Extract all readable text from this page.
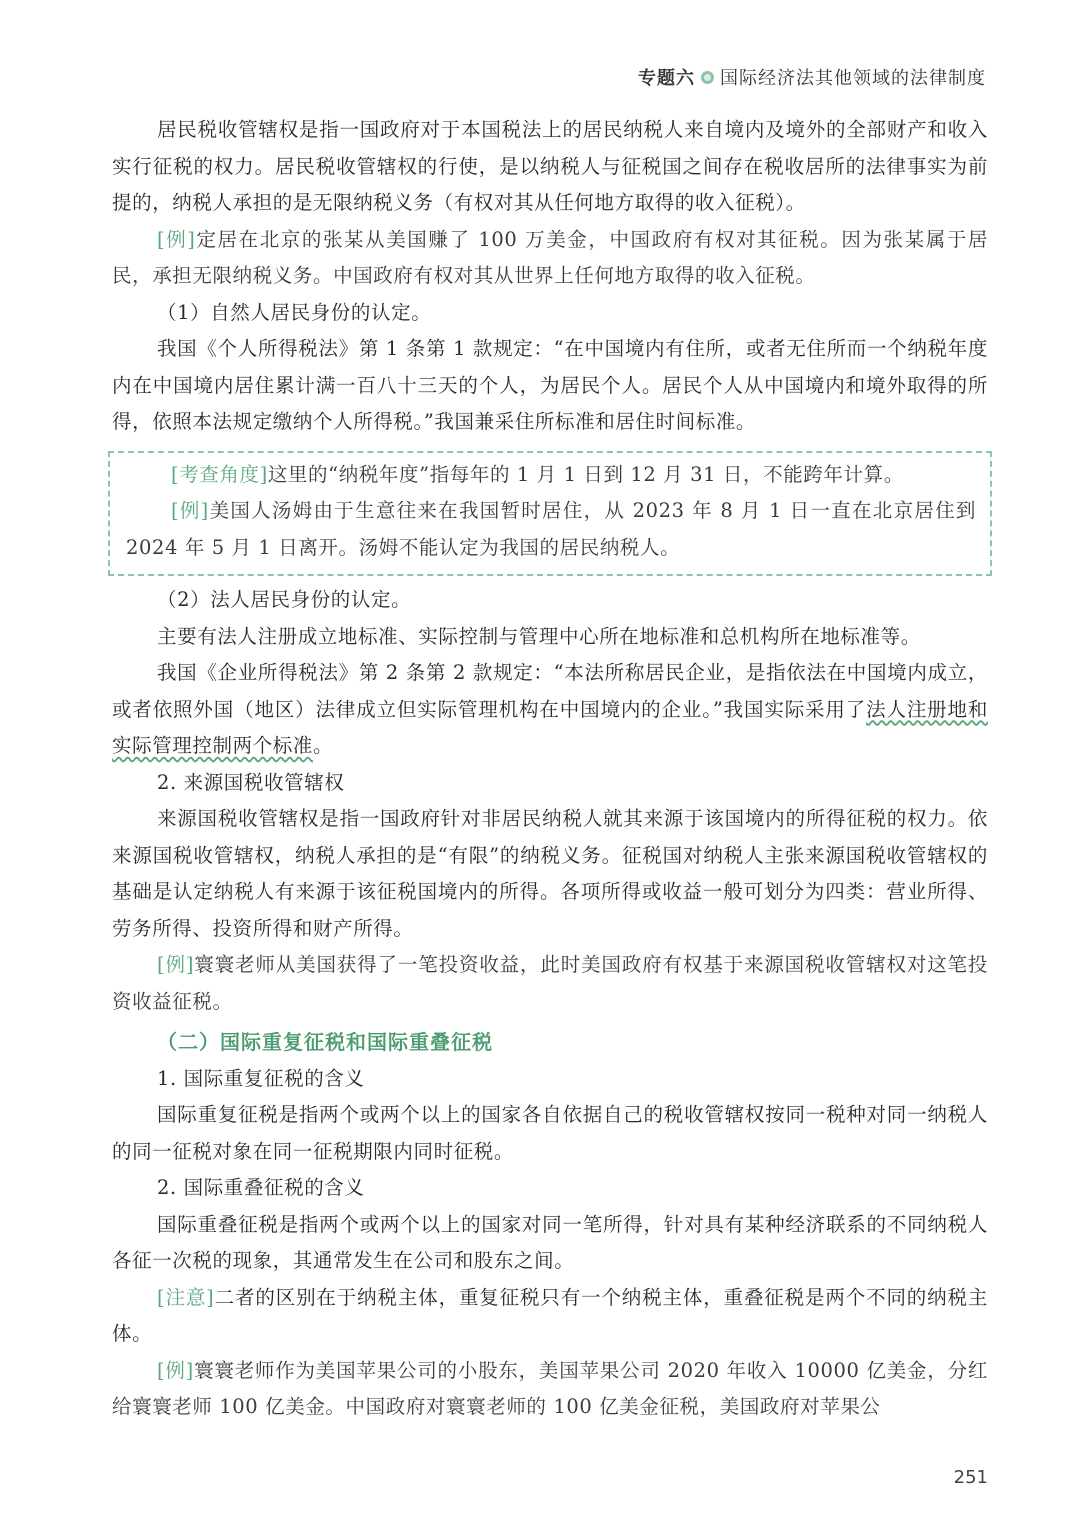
专题六 国际经济法其他领域的法律制度

居民税收管辖权是指一国政府对于本国税法上的居民纳税人来自境内及境外的全部财产和收入实行征税的权力。居民税收管辖权的行使，是以纳税人与征税国之间存在税收居所的法律事实为前提的，纳税人承担的是无限纳税义务（有权对其从任何地方取得的收入征税）。

[例]定居在北京的张某从美国赚了 100 万美金，中国政府有权对其征税。因为张某属于居民，承担无限纳税义务。中国政府有权对其从世界上任何地方取得的收入征税。

（1）自然人居民身份的认定。

我国《个人所得税法》第 1 条第 1 款规定：“在中国境内有住所，或者无住所而一个纳税年度内在中国境内居住累计满一百八十三天的个人，为居民个人。居民个人从中国境内和境外取得的所得，依照本法规定缴纳个人所得税。”我国兼采住所标准和居住时间标准。

[考查角度]这里的“纳税年度”指每年的 1 月 1 日到 12 月 31 日，不能跨年计算。

[例]美国人汤姆由于生意往来在我国暂时居住，从 2023 年 8 月 1 日一直在北京居住到 2024 年 5 月 1 日离开。汤姆不能认定为我国的居民纳税人。

（2）法人居民身份的认定。

主要有法人注册成立地标准、实际控制与管理中心所在地标准和总机构所在地标准等。

我国《企业所得税法》第 2 条第 2 款规定：“本法所称居民企业，是指依法在中国境内成立，或者依照外国（地区）法律成立但实际管理机构在中国境内的企业。”我国实际采用了法人注册地和实际管理控制两个标准。

2. 来源国税收管辖权

来源国税收管辖权是指一国政府针对非居民纳税人就其来源于该国境内的所得征税的权力。依来源国税收管辖权，纳税人承担的是“有限”的纳税义务。征税国对纳税人主张来源国税收管辖权的基础是认定纳税人有来源于该征税国境内的所得。各项所得或收益一般可划分为四类：营业所得、劳务所得、投资所得和财产所得。

[例]寰寰老师从美国获得了一笔投资收益，此时美国政府有权基于来源国税收管辖权对这笔投资收益征税。

（二）国际重复征税和国际重叠征税

1. 国际重复征税的含义

国际重复征税是指两个或两个以上的国家各自依据自己的税收管辖权按同一税种对同一纳税人的同一征税对象在同一征税期限内同时征税。

2. 国际重叠征税的含义

国际重叠征税是指两个或两个以上的国家对同一笔所得，针对具有某种经济联系的不同纳税人各征一次税的现象，其通常发生在公司和股东之间。

[注意]二者的区别在于纳税主体，重复征税只有一个纳税主体，重叠征税是两个不同的纳税主体。

[例]寰寰老师作为美国苹果公司的小股东，美国苹果公司 2020 年收入 10000 亿美金，分红给寰寰老师 100 亿美金。中国政府对寰寰老师的 100 亿美金征税，美国政府对苹果公

251
